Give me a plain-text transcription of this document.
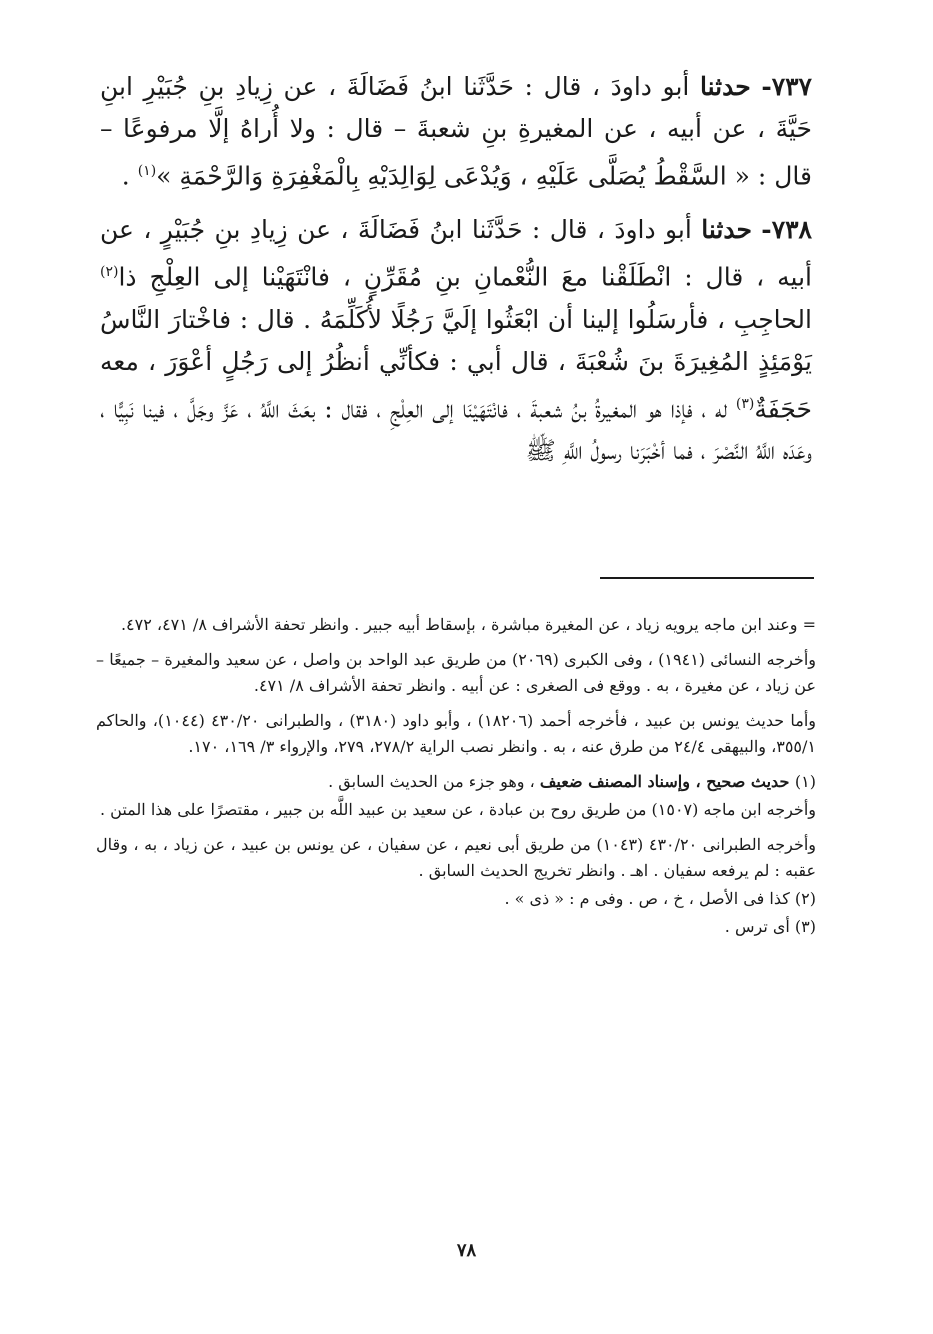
٧٣٧- حدثنا أبو داودَ ، قال : حَدَّثَنا ابنُ فَضَالَةَ ، عن زِيادِ بنِ جُبَيْرِ ابنِ حَيَّةَ ، عن أبيه ، عن المغيرةِ بنِ شعبةَ – قال : ولا أُراهُ إلَّا مرفوعًا – قال : « السَّقْطُ يُصَلَّى عَلَيْهِ ، وَيُدْعَى لِوَالِدَيْهِ بِالْمَغْفِرَةِ وَالرَّحْمَةِ »$^{(١)}$ .

٧٣٨- حدثنا أبو داودَ ، قال : حَدَّثَنا ابنُ فَضَالَةَ ، عن زِيادِ بنِ جُبَيْرٍ ، عن أبيه ، قال : انْطَلَقْنا معَ النُّعْمانِ بنِ مُقَرِّنٍ ، فانْتَهَيْنا إلى العِلْجِ ذا$^{(٢)}$ الحاجِبِ ، فأرسَلُوا إلينا أن ابْعَثُوا إلَيَّ رَجُلًا لأُكَلِّمَهُ . قال : فاخْتارَ النَّاسُ يَوْمَئِذٍ المُغِيرَةَ بنَ شُعْبَةَ ، قال أبي : فكأنِّي أنظُرُ إلى رَجُلٍ أعْوَرَ ، معه حَجَفَةٌ$^{(٣)}$ له ، فإذا هو المغيرةُ بنُ شعبةَ ، فانْتَهَيْنَا إلى العِلْجِ ، فقال : بعَثَ اللَّهُ ، عَزَّ وجَلَّ ، فينا نَبِيًّا ، وعَدَه اللَّهُ النَّصْرَ ، فما أخْبَرَنا رسولُ اللَّهِ ﷺ

= وعند ابن ماجه يرويه زياد ، عن المغيرة مباشرة ، بإسقاط أبيه جبير . وانظر تحفة الأشراف ٨/ ٤٧١، ٤٧٢.

وأخرجه النسائى (١٩٤١) ، وفى الكبرى (٢٠٦٩) من طريق عبد الواحد بن واصل ، عن سعيد والمغيرة – جميعًا – عن زياد ، عن مغيرة ، به . ووقع فى الصغرى : عن أبيه . وانظر تحفة الأشراف ٨/ ٤٧١.

وأما حديث يونس بن عبيد ، فأخرجه أحمد (١٨٢٠٦) ، وأبو داود (٣١٨٠) ، والطبرانى ٤٣٠/٢٠ (١٠٤٤)، والحاكم ٣٥٥/١، والبيهقى ٢٤/٤ من طرق عنه ، به . وانظر نصب الراية ٢٧٨/٢، ٢٧٩، والإرواء ٣/ ١٦٩، ١٧٠.

(١) حديث صحيح ، وإسناد المصنف ضعيف ، وهو جزء من الحديث السابق .

وأخرجه ابن ماجه (١٥٠٧) من طريق روح بن عبادة ، عن سعيد بن عبيد اللَّه بن جبير ، مقتصرًا على هذا المتن .

وأخرجه الطبرانى ٤٣٠/٢٠ (١٠٤٣) من طريق أبى نعيم ، عن سفيان ، عن يونس بن عبيد ، عن زياد ، به ، وقال عقبه : لم يرفعه سفيان . اهـ . وانظر تخريج الحديث السابق .

(٢) كذا فى الأصل ، خ ، ص . وفى م : « ذى » .

(٣) أى ترس .

٧٨
